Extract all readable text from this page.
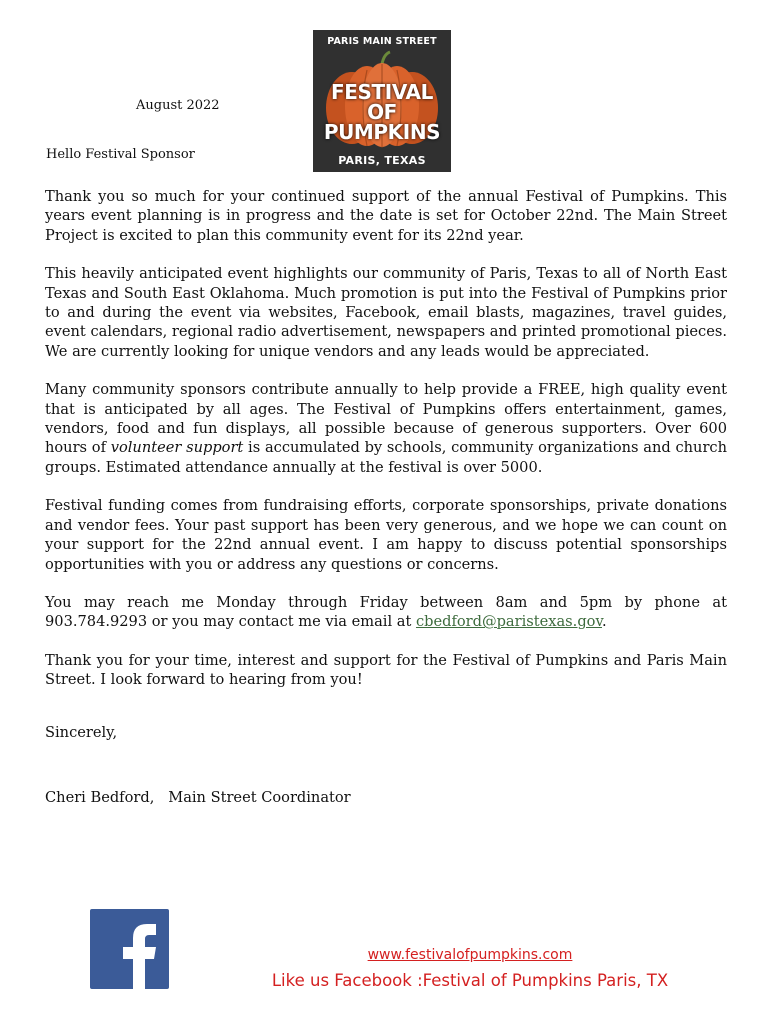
August 2022
Hello Festival Sponsor
PARIS MAIN STREET
FESTIVAL OF
PUMPKINS
PARIS, TEXAS

Thank you so much for your continued support of the annual Festival of Pumpkins. This years event planning is in progress and the date is set for October 22nd. The Main Street Project is excited to plan this community event for its 22nd year.

This heavily anticipated event highlights our community of Paris, Texas to all of North East Texas and South East Oklahoma. Much promotion is put into the Festival of Pumpkins prior to and during the event via websites, Facebook, email blasts, magazines, travel guides, event calendars, regional radio advertisement, newspapers and printed promotional pieces. We are currently looking for unique vendors and any leads would be appreciated.

Many community sponsors contribute annually to help provide a FREE, high quality event that is anticipated by all ages. The Festival of Pumpkins offers entertainment, games, vendors, food and fun displays, all possible because of generous supporters. Over 600 hours of volunteer support is accumulated by schools, community organizations and church groups. Estimated attendance annually at the festival is over 5000.

Festival funding comes from fundraising efforts, corporate sponsorships, private donations and vendor fees. Your past support has been very generous, and we hope we can count on your support for the 22nd annual event. I am happy to discuss potential sponsorships opportunities with you or address any questions or concerns.

You may reach me Monday through Friday between 8am and 5pm by phone at 903.784.9293 or you may contact me via email at cbedford@paristexas.gov.

Thank you for your time, interest and support for the Festival of Pumpkins and Paris Main Street. I look forward to hearing from you!

Sincerely,
Cheri Bedford,   Main Street Coordinator
www.festivalofpumpkins.com
Like us Facebook :Festival of Pumpkins Paris, TX
